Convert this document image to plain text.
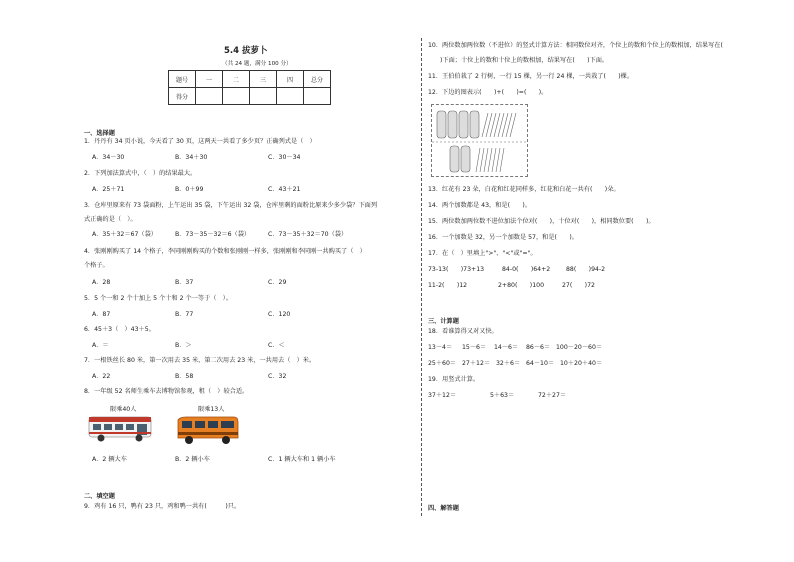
5.4 拔萝卜
（共 24 题，满分 100 分）
题号	一	二	三	四	总分
得分					
一、选择题
1．丹丹有 34 页小说，今天看了 30 页，这两天一共看了多少页？正确列式是（　）
A．34－30	B．34＋30	C．30－34
2．下列加法算式中，（　）的结果最大。
A．25＋71	B．0＋99	C．43＋21
3．仓库里原来有 73 袋面粉，上午运出 35 袋，下午运出 32 袋，仓库里剩的面粉比原来少多少袋？下面列
式正确的是（　）。
A．35＋32＝67（袋）	B．73－35－32＝6（袋）	C．73－35＋32＝70（袋）
4．张刚刚购买了 14 个格子，李同刚刚购买的个数和张刚刚一样多，张刚刚和李同刚一共购买了（　）
个格子。
A．28	B．37	C．29
5．5 个一和 2 个十加上 5 个十和 2 个一等于（　）。
A．87	B．77	C．120
6．45＋3（　）43＋5。
A．＝	B．＞	C．＜
7．一根铁丝长 80 米，第一次用去 35 米，第二次用去 23 米，一共用去（　）米。
A．22	B．58	C．32
8．一年级 52 名师生乘车去博物馆参观，租（　）较合适。
限乘40人	限乘13人
A．2 辆大车	B．2 辆小车	C．1 辆大车和 1 辆小车
二、填空题
9．鸡有 16 只，鸭有 23 只，鸡和鸭一共有(　　　)只。
10．两位数加两位数（不进位）的竖式计算方法：相同数位对齐，个位上的数和个位上的数相加，结果写在(
)下面；十位上的数和十位上的数相加，结果写在(　　)下面。
11．王伯伯栽了 2 行树，一行 15 棵，另一行 24 棵，一共栽了(　　)棵。
12．下边的图表示(　　)+(　　)=(　　)。
13．红花有 23 朵，白花和红花同样多，红花和白花一共有(　　)朵。
14．两个加数都是 43，和是(　　)。
15．两位数加两位数不进位加法个位对(　　)，十位对(　　)，相同数位要(　　)。
16．一个加数是 32，另一个加数是 57，和是(　　)。
17．在（　）里填上">"、"<"或"="。
73-13(　　)73+13	84-0(　　)64+2	88(　　)94-2
11-2(　　)12	2+80(　　)100	27(　　)72
三、计算题
18．看谁算得又对又快。
13－4＝ 15－6＝ 14－6＝ 86－6＝ 100－20－60＝
25＋60＝ 27＋12＝ 32＋6＝ 64－10＝ 10＋20＋40＝
19．用竖式计算。
37＋12＝	5＋63＝	72＋27＝
四、解答题
